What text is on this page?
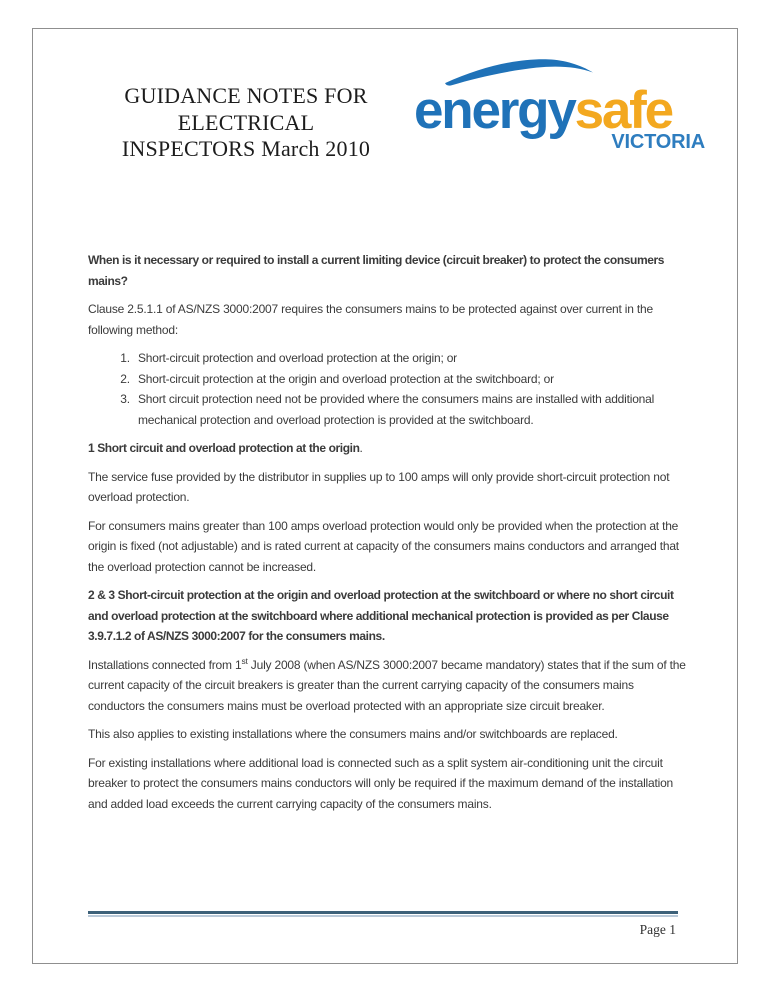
GUIDANCE NOTES FOR
ELECTRICAL
INSPECTORS March 2010
energysafe
VICTORIA

When is it necessary or required to install a current limiting device (circuit breaker) to protect the consumers mains?

Clause 2.5.1.1 of AS/NZS 3000:2007 requires the consumers mains to be protected against over current in the following method:

1. Short-circuit protection and overload protection at the origin; or
2. Short-circuit protection at the origin and overload protection at the switchboard; or
3. Short circuit protection need not be provided where the consumers mains are installed with additional mechanical protection and overload protection is provided at the switchboard.

1 Short circuit and overload protection at the origin.

The service fuse provided by the distributor in supplies up to 100 amps will only provide short-circuit protection not overload protection.

For consumers mains greater than 100 amps overload protection would only be provided when the protection at the origin is fixed (not adjustable) and is rated current at capacity of the consumers mains conductors and arranged that the overload protection cannot be increased.

2 & 3 Short-circuit protection at the origin and overload protection at the switchboard or where no short circuit and overload protection at the switchboard where additional mechanical protection is provided as per Clause 3.9.7.1.2 of AS/NZS 3000:2007 for the consumers mains.

Installations connected from 1st July 2008 (when AS/NZS 3000:2007 became mandatory) states that if the sum of the current capacity of the circuit breakers is greater than the current carrying capacity of the consumers mains conductors the consumers mains must be overload protected with an appropriate size circuit breaker.

This also applies to existing installations where the consumers mains and/or switchboards are replaced.

For existing installations where additional load is connected such as a split system air-conditioning unit the circuit breaker to protect the consumers mains conductors will only be required if the maximum demand of the installation and added load exceeds the current carrying capacity of the consumers mains.

Page 1
